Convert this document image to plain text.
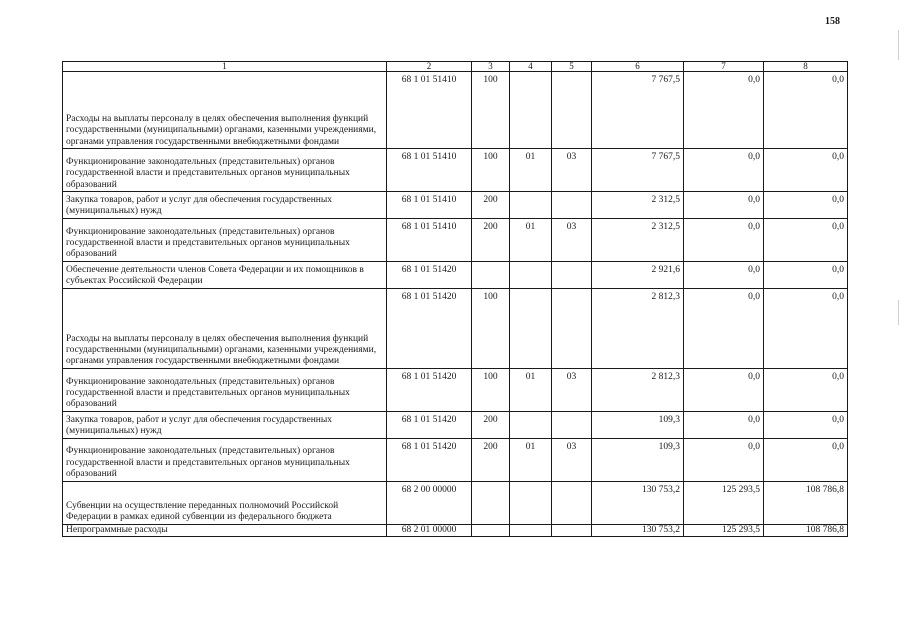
158
1	2	3	4	5	6	7	8
Расходы на выплаты персоналу в целях обеспечения выполнения функций государственными (муниципальными) органами, казенными учреждениями, органами управления государственными внебюджетными фондами	68 1 01 51410	100			7 767,5	0,0	0,0
Функционирование законодательных (представительных) органов государственной власти и представительных органов муниципальных образований	68 1 01 51410	100	01	03	7 767,5	0,0	0,0
Закупка товаров, работ и услуг для обеспечения государственных (муниципальных) нужд	68 1 01 51410	200			2 312,5	0,0	0,0
Функционирование законодательных (представительных) органов государственной власти и представительных органов муниципальных образований	68 1 01 51410	200	01	03	2 312,5	0,0	0,0
Обеспечение деятельности членов Совета Федерации и их помощников в субъектах Российской Федерации	68 1 01 51420				2 921,6	0,0	0,0
Расходы на выплаты персоналу в целях обеспечения выполнения функций государственными (муниципальными) органами, казенными учреждениями, органами управления государственными внебюджетными фондами	68 1 01 51420	100			2 812,3	0,0	0,0
Функционирование законодательных (представительных) органов государственной власти и представительных органов муниципальных образований	68 1 01 51420	100	01	03	2 812,3	0,0	0,0
Закупка товаров, работ и услуг для обеспечения государственных (муниципальных) нужд	68 1 01 51420	200			109,3	0,0	0,0
Функционирование законодательных (представительных) органов государственной власти и представительных органов муниципальных образований	68 1 01 51420	200	01	03	109,3	0,0	0,0
Субвенции на осуществление переданных полномочий Российской Федерации в рамках единой субвенции из федерального бюджета	68 2 00 00000				130 753,2	125 293,5	108 786,8
Непрограммные расходы	68 2 01 00000				130 753,2	125 293,5	108 786,8
